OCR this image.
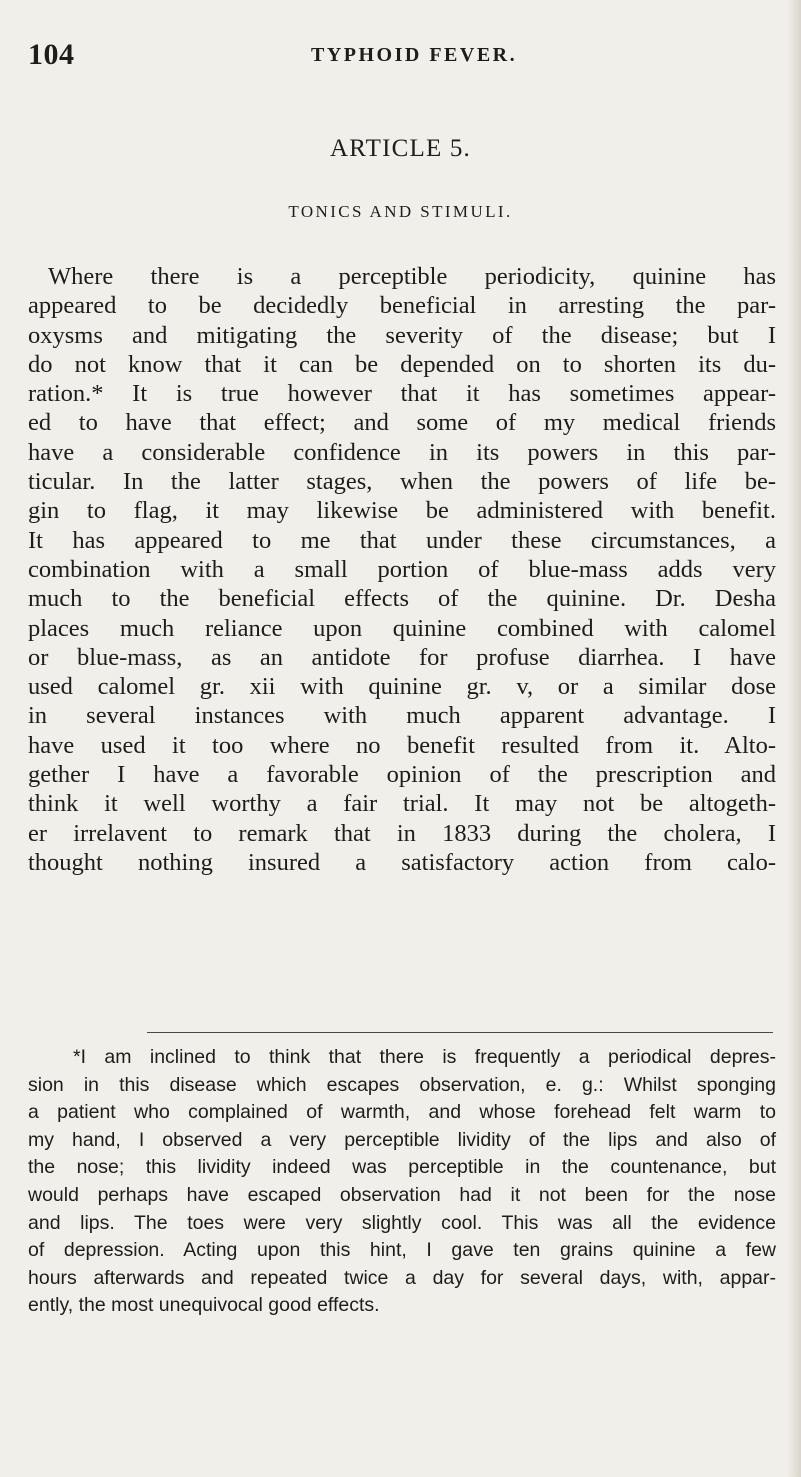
104	TYPHOID FEVER.
ARTICLE 5.
TONICS AND STIMULI.
Where there is a perceptible periodicity, quinine has
appeared to be decidedly beneficial in arresting the par-
oxysms and mitigating the severity of the disease; but I
do not know that it can be depended on to shorten its du-
ration.* It is true however that it has sometimes appear-
ed to have that effect; and some of my medical friends
have a considerable confidence in its powers in this par-
ticular. In the latter stages, when the powers of life be-
gin to flag, it may likewise be administered with benefit.
It has appeared to me that under these circumstances, a
combination with a small portion of blue-mass adds very
much to the beneficial effects of the quinine. Dr. Desha
places much reliance upon quinine combined with calomel
or blue-mass, as an antidote for profuse diarrhea. I have
used calomel gr. xii with quinine gr. v, or a similar dose
in several instances with much apparent advantage. I
have used it too where no benefit resulted from it. Alto-
gether I have a favorable opinion of the prescription and
think it well worthy a fair trial. It may not be altogeth-
er irrelavent to remark that in 1833 during the cholera, I
thought nothing insured a satisfactory action from calo-
*I am inclined to think that there is frequently a periodical depres-
sion in this disease which escapes observation, e. g.: Whilst sponging
a patient who complained of warmth, and whose forehead felt warm to
my hand, I observed a very perceptible lividity of the lips and also of
the nose; this lividity indeed was perceptible in the countenance, but
would perhaps have escaped observation had it not been for the nose
and lips. The toes were very slightly cool. This was all the evidence
of depression. Acting upon this hint, I gave ten grains quinine a few
hours afterwards and repeated twice a day for several days, with, appar-
ently, the most unequivocal good effects.
